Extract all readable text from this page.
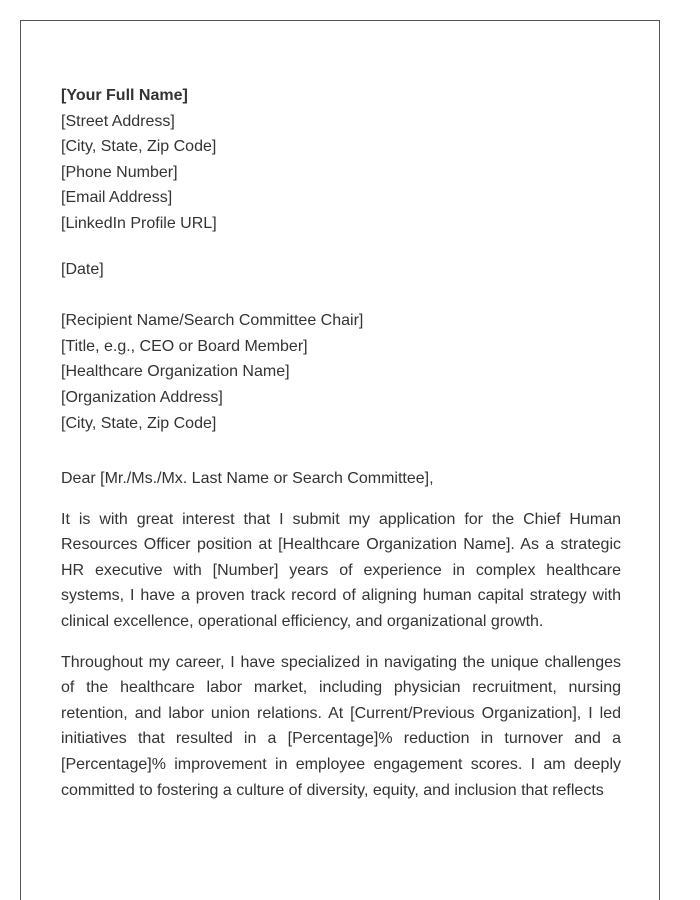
[Your Full Name]
[Street Address]
[City, State, Zip Code]
[Phone Number]
[Email Address]
[LinkedIn Profile URL]
[Date]
[Recipient Name/Search Committee Chair]
[Title, e.g., CEO or Board Member]
[Healthcare Organization Name]
[Organization Address]
[City, State, Zip Code]
Dear [Mr./Ms./Mx. Last Name or Search Committee],

It is with great interest that I submit my application for the Chief Human Resources Officer position at [Healthcare Organization Name]. As a strategic HR executive with [Number] years of experience in complex healthcare systems, I have a proven track record of aligning human capital strategy with clinical excellence, operational efficiency, and organizational growth.

Throughout my career, I have specialized in navigating the unique challenges of the healthcare labor market, including physician recruitment, nursing retention, and labor union relations. At [Current/Previous Organization], I led initiatives that resulted in a [Percentage]% reduction in turnover and a [Percentage]% improvement in employee engagement scores. I am deeply committed to fostering a culture of diversity, equity, and inclusion that reflects
